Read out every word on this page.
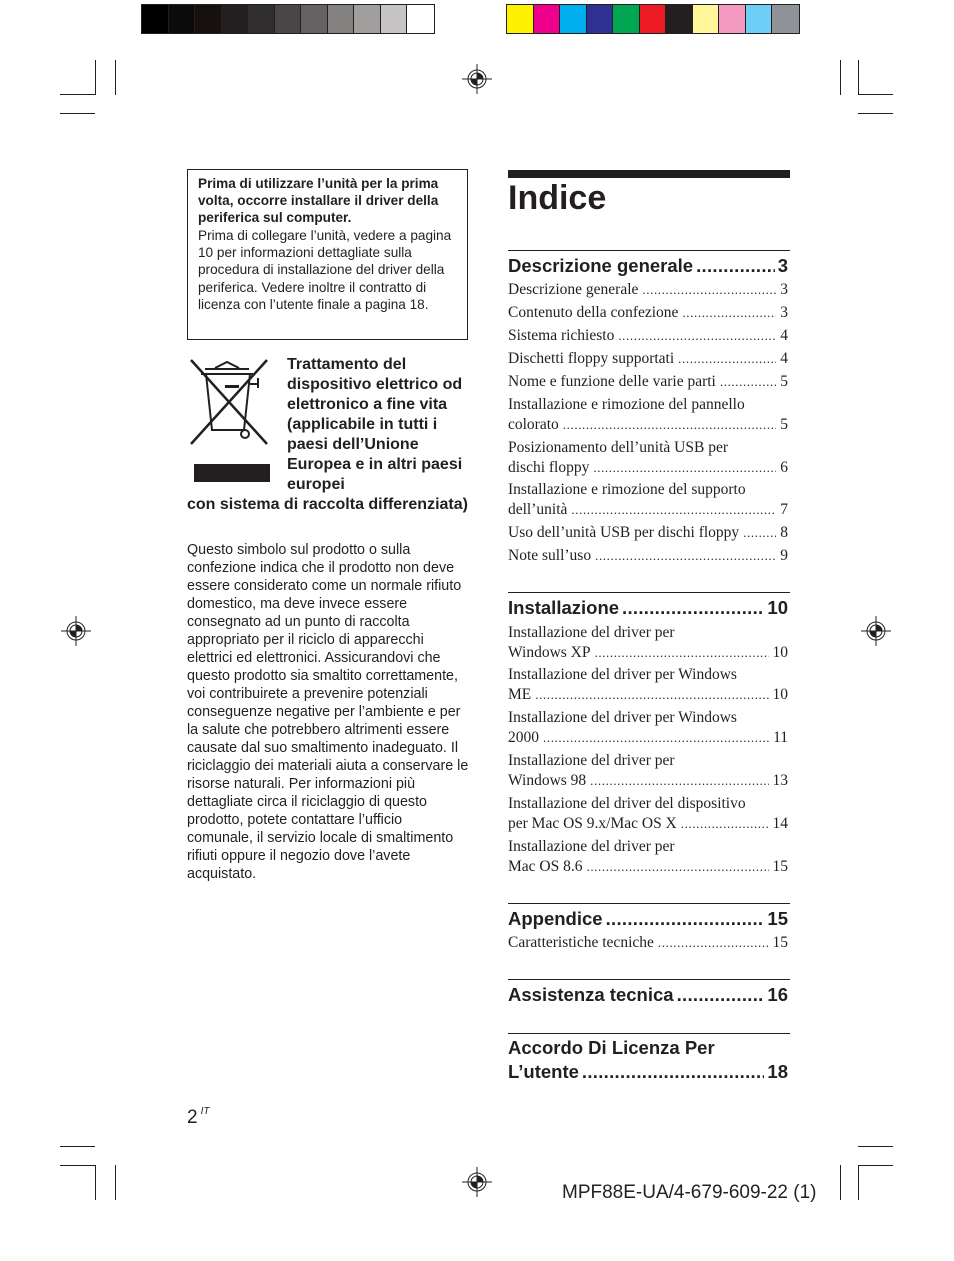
Prima di utilizzare l’unità per la prima volta, occorre installare il driver della periferica sul computer.
Prima di collegare l’unità, vedere a pagina 10 per informazioni dettagliate sulla procedura di installazione del driver della periferica. Vedere inoltre il contratto di licenza con l’utente finale a pagina 18.
Trattamento del dispositivo elettrico od elettronico a fine vita (applicabile in tutti i paesi dell’Unione Europea e in altri paesi europei
con sistema di raccolta differenziata)
Questo simbolo sul prodotto o sulla confezione indica che il prodotto non deve essere considerato come un normale rifiuto domestico, ma deve invece essere consegnato ad un punto di raccolta appropriato per il riciclo di apparecchi elettrici ed elettronici. Assicurandovi che questo prodotto sia smaltito correttamente, voi contribuirete a prevenire potenziali conseguenze negative per l’ambiente e per la salute che potrebbero altrimenti essere causate dal suo smaltimento inadeguato. Il riciclaggio dei materiali aiuta a conservare le risorse naturali. Per informazioni più dettagliate circa il riciclaggio di questo prodotto, potete contattare l’ufficio comunale, il servizio locale di smaltimento rifiuti oppure il negozio dove l’avete acquistato.
Indice
Descrizione generale .....	3
Descrizione generale .....	3
Contenuto della confezione .....	3
Sistema richiesto .....	4
Dischetti floppy supportati .....	4
Nome e funzione delle varie parti .....	5
Installazione e rimozione del pannello
colorato .....	5
Posizionamento dell’unità USB per
dischi floppy .....	6
Installazione e rimozione del supporto
dell’unità .....	7
Uso dell’unità USB per dischi floppy .....	8
Note sull’uso .....	9
Installazione .....	10
Installazione del driver per
Windows XP .....	10
Installazione del driver per Windows
ME .....	10
Installazione del driver per Windows
2000 .....	11
Installazione del driver per
Windows 98 .....	13
Installazione del driver del dispositivo
per Mac OS 9.x/Mac OS X .....	14
Installazione del driver per
Mac OS 8.6 .....	15
Appendice .....	15
Caratteristiche tecniche .....	15
Assistenza tecnica .....	16
Accordo Di Licenza Per
L’utente .....	18
2 $^{IT}$
MPF88E-UA/4-679-609-22 (1)
